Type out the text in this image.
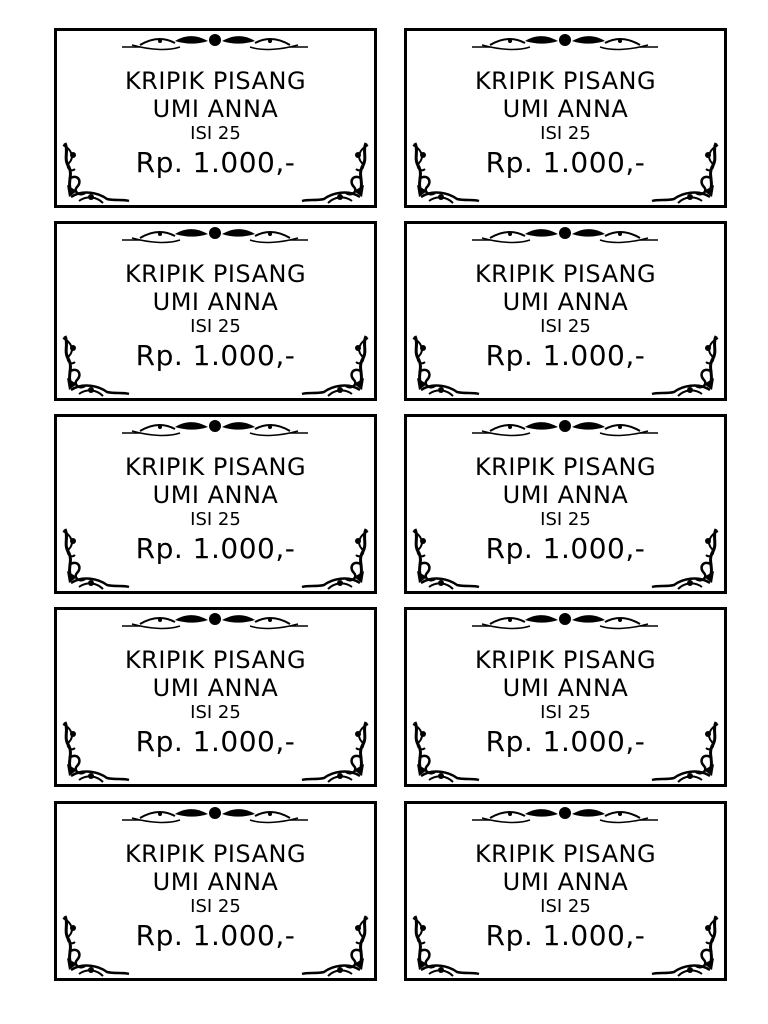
KRIPIK PISANG
UMI ANNA
ISI 25
Rp. 1.000,-
KRIPIK PISANG
UMI ANNA
ISI 25
Rp. 1.000,-
KRIPIK PISANG
UMI ANNA
ISI 25
Rp. 1.000,-
KRIPIK PISANG
UMI ANNA
ISI 25
Rp. 1.000,-
KRIPIK PISANG
UMI ANNA
ISI 25
Rp. 1.000,-
KRIPIK PISANG
UMI ANNA
ISI 25
Rp. 1.000,-
KRIPIK PISANG
UMI ANNA
ISI 25
Rp. 1.000,-
KRIPIK PISANG
UMI ANNA
ISI 25
Rp. 1.000,-
KRIPIK PISANG
UMI ANNA
ISI 25
Rp. 1.000,-
KRIPIK PISANG
UMI ANNA
ISI 25
Rp. 1.000,-
